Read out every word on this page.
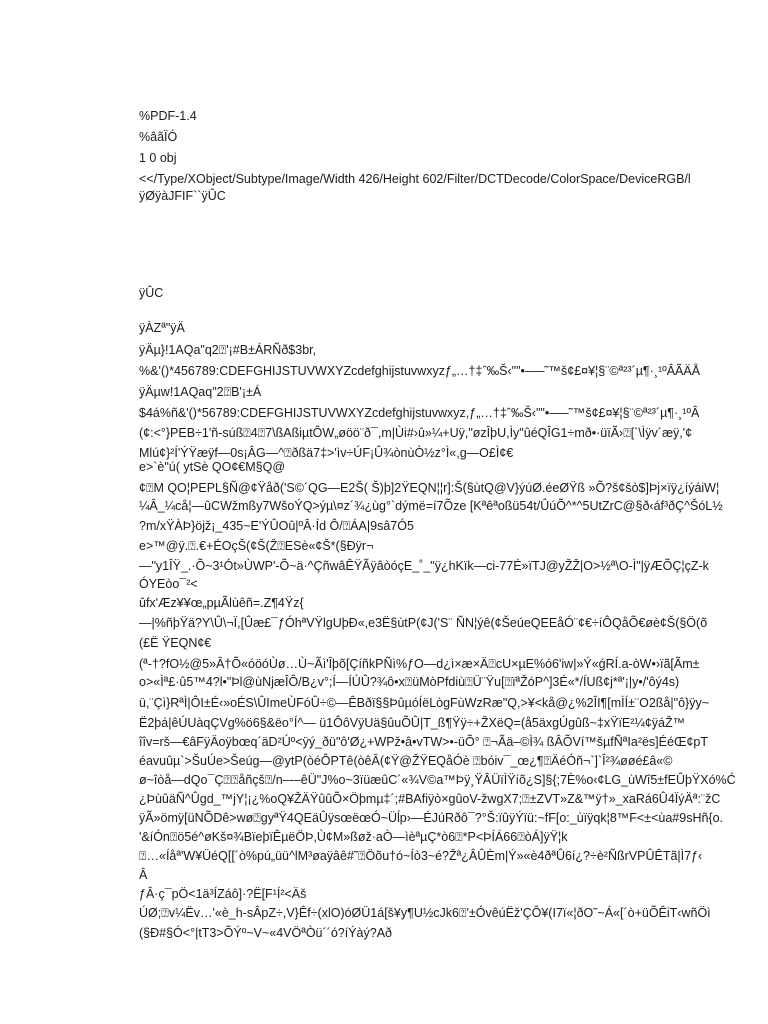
%PDF-1.4
%âãÏÓ
1 0 obj
<</Type/XObject/Subtype/Image/Width 426/Height 602/Filter/DCTDecode/ColorSpace/DeviceRGB/l
ÿØÿàJFIF``ÿÛC
ÿÛC
ÿÀZª"ÿÄ
ÿÄµ}!1AQa"q2⍰'¡#B±ÁRÑð$3br,
%&'()*456789:CDEFGHIJSTUVWXYZcdefghijstuvwxyzƒ„…†‡ˆ‰Š‹""•–—˜™š¢£¤¥¦§¨©ª²³´µ¶·¸¹ºÂÃÄÅ
ÿÄµw!1AQaq"2⍰B'¡±Á
$4á%ñ&'()*56789:CDEFGHIJSTUVWXYZcdefghijstuvwxyz,ƒ„…†‡ˆ‰Š‹""•–—˜™š¢£¤¥¦§¨©ª²³´µ¶·¸¹ºÂ
(¢:<°}PEB÷1'ñ-súß⍰4⍰7\ßAßiµtÔW„øöö¨ð¯,m|Ùi#›û»¼+Uÿ,"øzÎþU,Ìy"ûéQÎG1÷mð•·üïÃ›⍰[`\Ìÿv´æÿ,'¢
Mlú¢}²Í'ÝŸæÿf—0s¡ÂG—^⍰ðßä7‡>'ìv÷ÚF¡Û¾ònùÒ½z°Ì«,g—O£Ì¢€
e>`è"ú( ytSè QO¢€M§Q@
¢⍰M QO¦PEPL§Ñ@¢Ÿåð('S©´QG—E2Š( Š)þ]2ŸEQN¦¦r]:Š(§ùtQ@V}ýúØ.éeØŸß »Õ?š¢šò$]Þj×ïÿ¿íýáiW¦
¼Â_¼cå¦—ûCWžmßy7WšoÝQ>ýµ\¤z´¾¿ùg°`dýmë=í7Õze [Kªêªoßü54t/ÛúÕ^*^5UtZrC@§ð‹áf³ðÇ^ŠóL½
?m/xŸÀÞ}öjž¡_435~E'ÝÛOû|ºÂ·Íd Ô/⍰ÁA|9sâ7Ó5
e>™@ÿ.⍰.€+ÉOçŠ(¢Š(Ž⍰ESè«¢Š*(§Ðÿr¬
—"y1ÎŸ_.·Õ~3¹Ót»ÙWP'-Õ~ä·^ÇñwâÊŸÃÿâòóçE_˚_"ÿ¿hKïk—ci-77É»ïTJ@yŽŽ|O>½ª\O-Ì"|ÿÆÕÇ¦çZ-k
ÓYEòo¯²<
ûfx'Æz¥¥œ„pµÃlùêñ=.Z¶4Ÿz{
—|%ñþŸä?Y\Û\¬Ï,[Ûæ£¯ƒÓhªVŸlgUþÐ«,e3Ë§ùtP(¢J('S¨ ÑN¦ýê(¢ŠeúeQEEåÓ¨¢€÷íÔQåÕ€øè¢Š(§Ö(õ
(£Ë ŸEQN¢€
(ª-†?fO½@5»Â†Õ«óöóÙø…Ù~Ãì'Îþõ[ÇíñkPÑì%ƒO—d¿ì×æ×Ä⍰cU×µE%ó6'iw|»Ý«ǵRÍ.a-òW•›ïã[Ãm±
o>«Ìª£·û5™4?l•"Þl@ùNjæÎÔ/B¿v°;Í—ÍÚÛ?¾ô•x⍰üMòPfdiù⍰Ü¨Ÿu[⍰ïªŽóP^]3É«*/ÍUß¢j*ª'¡|y•/'ôý4s)
ü,¨Çì}RªÌ|ÔI±É‹»oÉS\ÛImeÙFóÛ÷©—ÊBðï§§ÞûµóÍëLògFùWzRæ"Q,>¥<kå@¿%2ÎI¶[mÌÍ±¨O2ßå|"ô}ÿy~
Ë2þá|êÚUàqÇVg%ö6§&ëo°Í^— ü1ÔôVÿUä§ûuÕÛ|T_ß¶Ÿÿ÷+ŽXëQ=(å5äxgÚgûß~‡xŸïE²¼¢ÿáŽ™
îîv=rš—€âFÿÄoÿbœq´äD²Úº<ÿý_ðü"ô'Ø¿+WPž•â•vTW>•-üÕ° ⍰¬Ãä–©Ì¾ ßÂÕVí™šµfÑªIa²ës]ÉéŒ¢pT
éavuûµ`>ŠuÚe>Šeúg—@ytP(òéÔPTê(òêÂ(¢Ÿ@ŽŸEQåÓè ⍰bóiv¯_œ¿¶⍰ÄéÓñ¬`]`Î²¾øøé£â«©
ø~îòå—dQo¯Ç⍰⍰åñçš⍰/n–-–êÜ"J%o~3ïüæûC´«¾V©a™Þÿ¸ŸÂÜïÌŸíõ¿S]§{;7È%o‹¢LG_ùWî5±fEÛþŸXó%Ć
¿ÞùûäÑ^Ûgd_™jY¦¡¿%oQ¥ŽÄŸûûÕ×Öþmµ‡´;#BAfiÿò×gûoV-žwgX7;⍰±ZVT»Z&™ÿ†»_xaRá6Û4ÏýÄª:¨žC
ÿÃ»ömÿ[üNÕDê>wø⍰gyªŸ4QEäÛÿsœëœÓ~Üĺp›—ÉJúRðô¯?°Š:ïûÿÝïü:~fF[o:_ùïÿqk¦8™F<±<ùa#9sHñ{o.
'&íÓn⍰ö5é^øKš¤¾BïeþïÊµëÖÞ,Ù¢M»ßøž·aÒ—ìèªµÇ*ò6⍰*P<ÞÍÁ66⍰òÁ]ÿŸ¦k
⍰…«Íåª'W¥ÜéQ[[´ò%pú„üü^lM³øaÿâê#˜⍰Öõu†ó~Íò3~é?Žª¿ÂÛÈm|Ý»«è4ðªÛ6í¿?÷è²ÑßrVPÛÊTã|Ì7ƒ‹
Â
ƒÂ·ç¯pÖ<1ä³ÍZáô]·?Ë[F¹Í²<Äš
ÚØ;⍰v¼Ëv…'«è_h-sÂpZ÷,V}Êf÷(xlO)óØÜ1á[š¥y¶U½cJk6⍰'±ÓvêúËž'ÇÔ¥(I7ï«¦ðO˜~Á«[´ò+üÕÊiT‹wñÖì
(§Ð#§Ó<°|tT3>ÕÝº~V~«4VÖªÒü´´ó?íÝàý?Að
